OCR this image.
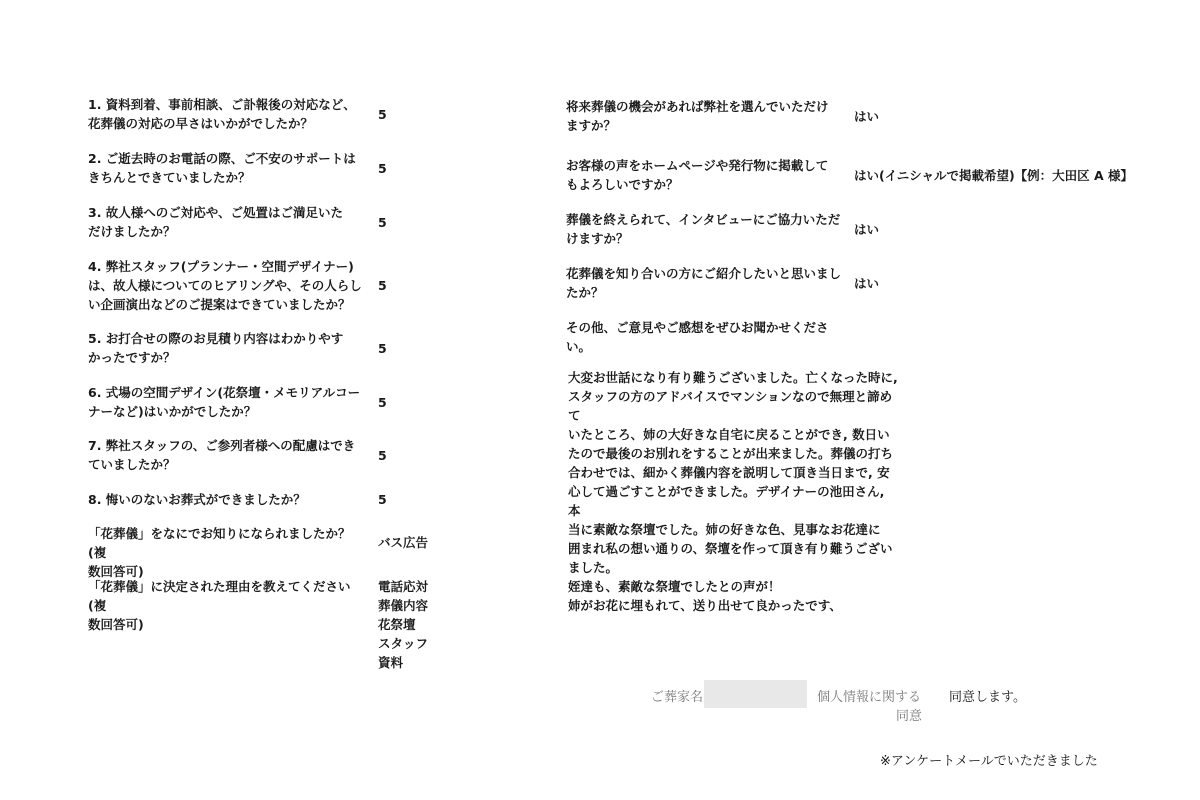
1. 資料到着、事前相談、ご訃報後の対応など、
花葬儀の対応の早さはいかがでしたか？
5
2. ご逝去時のお電話の際、ご不安のサポートは
きちんとできていましたか？
5
3. 故人様へのご対応や、ご処置はご満足いた
だけましたか？
5
4. 弊社スタッフ(プランナー・空間デザイナー)
は、故人様についてのヒアリングや、その人らし
い企画演出などのご提案はできていましたか？
5
5. お打合せの際のお見積り内容はわかりやす
かったですか？
5
6. 式場の空間デザイン(花祭壇・メモリアルコー
ナーなど)はいかがでしたか？
5
7. 弊社スタッフの、ご参列者様への配慮はでき
ていましたか？
5
8. 悔いのないお葬式ができましたか？	5
「花葬儀」をなにでお知りになられましたか？(複
数回答可)
バス広告
「花葬儀」に決定された理由を教えてください(複
数回答可)
電話応対
葬儀内容
花祭壇
スタッフ
資料
将来葬儀の機会があれば弊社を選んでいただけ
ますか？
はい
お客様の声をホームページや発行物に掲載して
もよろしいですか？
はい(イニシャルで掲載希望)【例：大田区 A 様】
葬儀を終えられて、インタビューにご協力いただ
けますか？
はい
花葬儀を知り合いの方にご紹介したいと思いまし
たか？
はい
その他、ご意見やご感想をぜひお聞かせくださ
い。
大変お世話になり有り難うございました。亡くなった時に,
スタッフの方のアドバイスでマンションなので無理と諦めて
いたところ、姉の大好きな自宅に戻ることができ, 数日い
たので最後のお別れをすることが出来ました。葬儀の打ち
合わせでは、細かく葬儀内容を説明して頂き当日まで, 安
心して過ごすことができました。デザイナーの池田さん, 本
当に素敵な祭壇でした。姉の好きな色、見事なお花達に
囲まれ私の想い通りの、祭壇を作って頂き有り難うござい
ました。
姪達も、素敵な祭壇でしたとの声が！
姉がお花に埋もれて、送り出せて良かったです、
ご葬家名	個人情報に関する
同意
同意します。
※アンケートメールでいただきました
